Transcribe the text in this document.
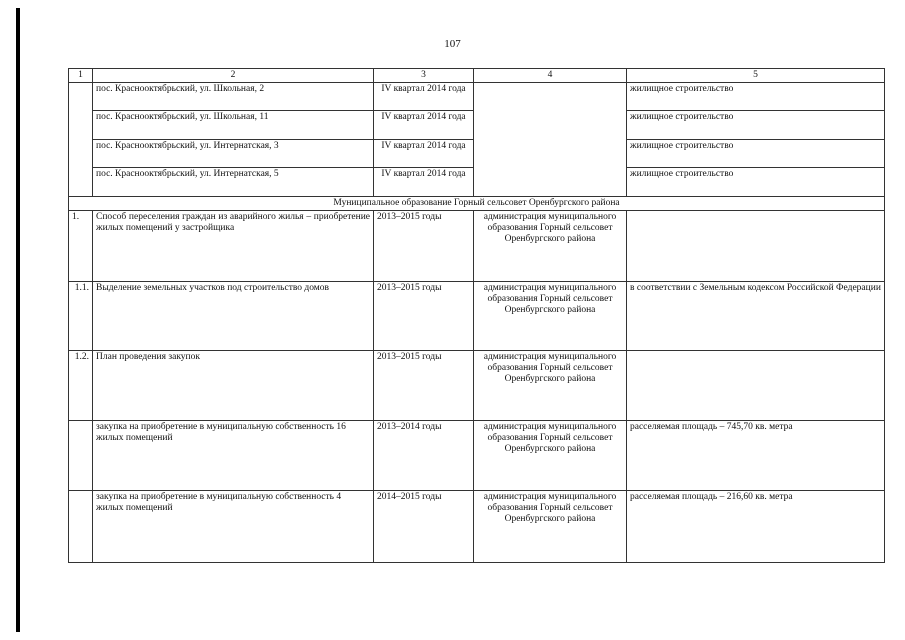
107
1	2	3	4	5
	пос. Краснооктябрьский, ул. Школьная, 2	IV квартал 2014 года		жилищное строительство
	пос. Краснооктябрьский, ул. Школьная, 11	IV квартал 2014 года		жилищное строительство
	пос. Краснооктябрьский, ул. Интернатская, 3	IV квартал 2014 года		жилищное строительство
	пос. Краснооктябрьский, ул. Интернатская, 5	IV квартал 2014 года		жилищное строительство
Муниципальное образование Горный сельсовет Оренбургского района				
1.	Способ переселения граждан из аварийного жилья – приобретение жилых помещений у застройщика	2013–2015 годы	администрация муниципального образования Горный сельсовет Оренбургского района	
1.1.	Выделение земельных участков под строительство домов	2013–2015 годы	администрация муниципального образования Горный сельсовет Оренбургского района	в соответствии с Земельным кодексом Российской Федерации
1.2.	План проведения закупок	2013–2015 годы	администрация муниципального образования Горный сельсовет Оренбургского района	
	закупка на приобретение в муниципальную собственность 16 жилых помещений	2013–2014 годы	администрация муниципального образования Горный сельсовет Оренбургского района	расселяемая площадь – 745,70 кв. метра
	закупка на приобретение в муниципальную собственность 4 жилых помещений	2014–2015 годы	администрация муниципального образования Горный сельсовет Оренбургского района	расселяемая площадь – 216,60 кв. метра
